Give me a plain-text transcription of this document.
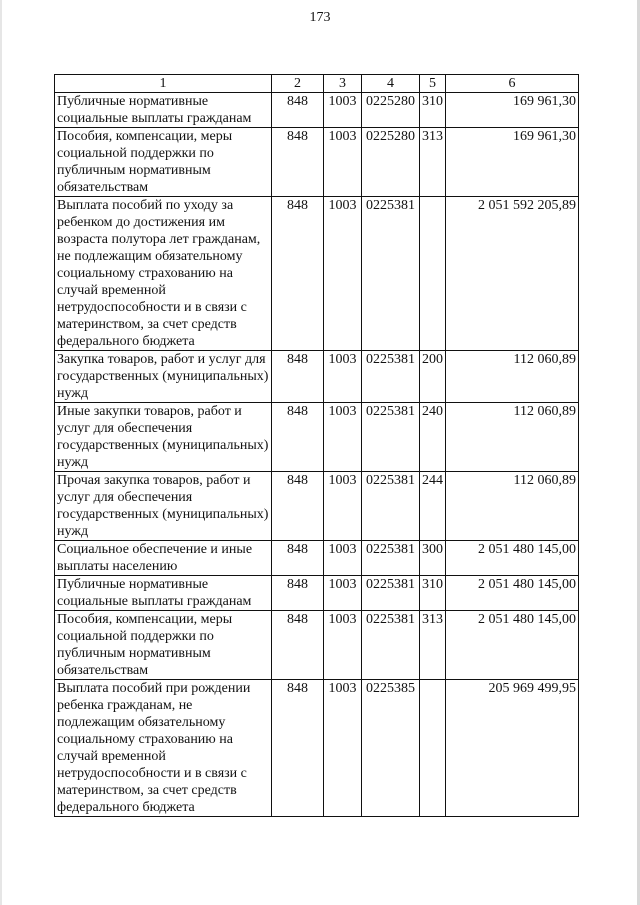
173
1	2	3	4	5	6
Публичные нормативные социальные выплаты гражданам	848	1003	0225280	310	169 961,30
Пособия, компенсации, меры социальной поддержки по публичным нормативным обязательствам	848	1003	0225280	313	169 961,30
Выплата пособий по уходу за ребенком до достижения им возраста полутора лет гражданам, не подлежащим обязательному социальному страхованию на случай временной нетрудоспособности и в связи с материнством, за счет средств федерального бюджета	848	1003	0225381		2 051 592 205,89
Закупка товаров, работ и услуг для государственных (муниципальных) нужд	848	1003	0225381	200	112 060,89
Иные закупки товаров, работ и услуг для обеспечения государственных (муниципальных) нужд	848	1003	0225381	240	112 060,89
Прочая закупка товаров, работ и услуг для обеспечения государственных (муниципальных) нужд	848	1003	0225381	244	112 060,89
Социальное обеспечение и иные выплаты населению	848	1003	0225381	300	2 051 480 145,00
Публичные нормативные социальные выплаты гражданам	848	1003	0225381	310	2 051 480 145,00
Пособия, компенсации, меры социальной поддержки по публичным нормативным обязательствам	848	1003	0225381	313	2 051 480 145,00
Выплата пособий при рождении ребенка гражданам, не подлежащим обязательному социальному страхованию на случай временной нетрудоспособности и в связи с материнством, за счет средств федерального бюджета	848	1003	0225385		205 969 499,95
